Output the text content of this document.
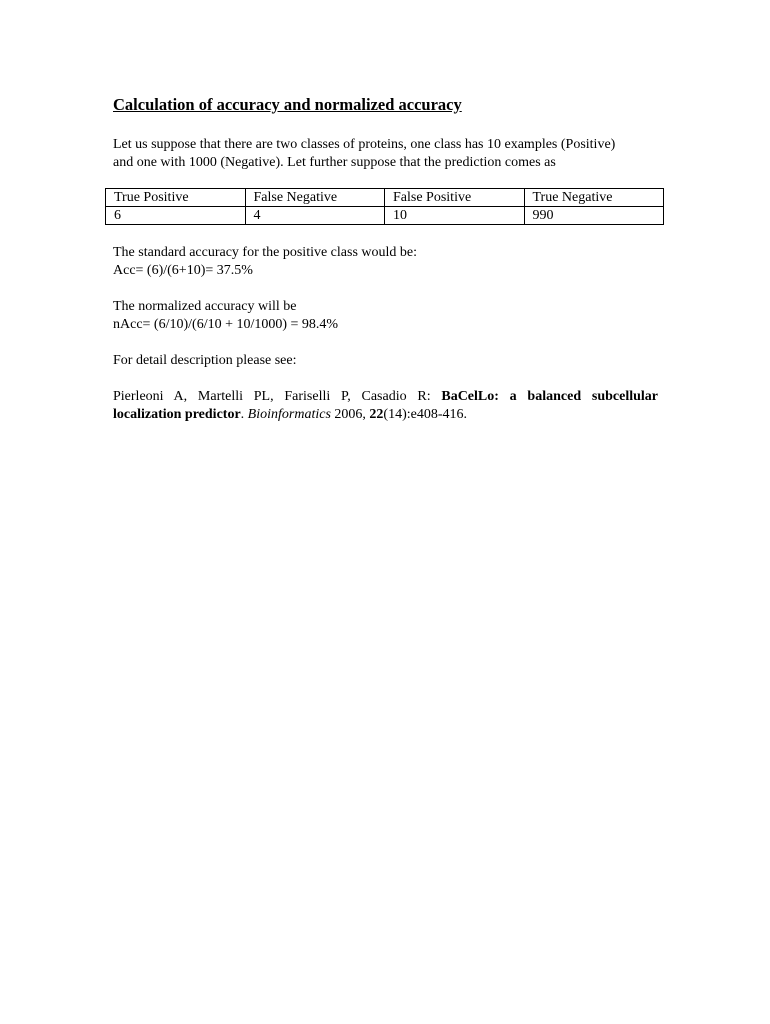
Calculation of accuracy and normalized accuracy

Let us suppose that there are two classes of proteins, one class has 10 examples (Positive)

and one with 1000 (Negative). Let further suppose that the prediction comes as

True Positive	False Negative	False Positive	True Negative
6	4	10	990

The standard accuracy for the positive class would be:

Acc= (6)/(6+10)= 37.5%

The normalized accuracy will be

nAcc= (6/10)/(6/10 + 10/1000) = 98.4%

For detail description please see:

Pierleoni A, Martelli PL, Fariselli P, Casadio R: BaCelLo: a balanced subcellular

localization predictor. Bioinformatics 2006, 22(14):e408-416.
